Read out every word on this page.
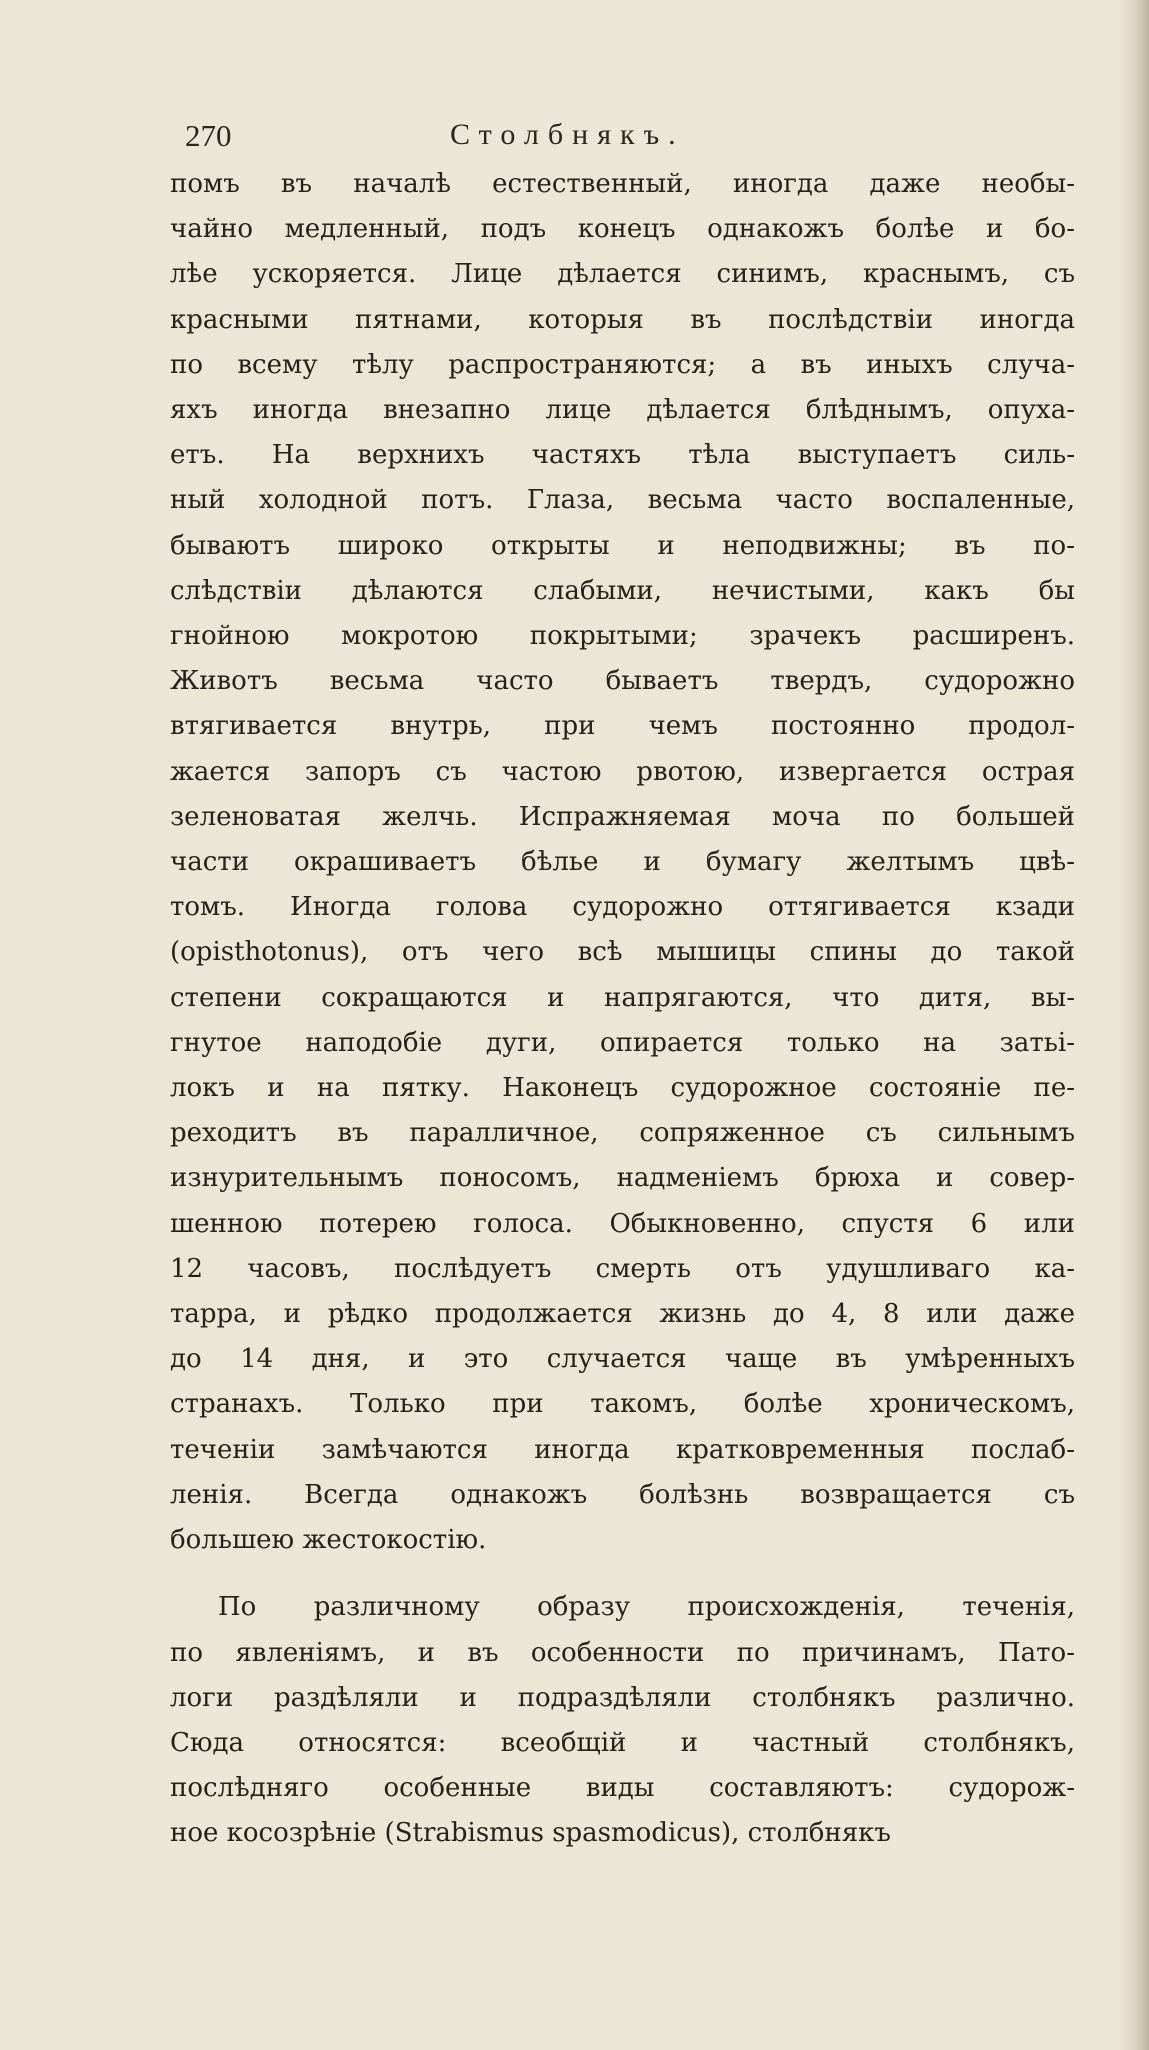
270	Столбнякъ.
помъ въ началѣ естественный, иногда даже необы-
чайно медленный, подъ конецъ однакожъ болѣе и бо-
лѣе ускоряется. Лице дѣлается синимъ, краснымъ, съ
красными пятнами, которыя въ послѣдствіи иногда
по всему тѣлу распространяются; а въ иныхъ случа-
яхъ иногда внезапно лице дѣлается блѣднымъ, опуха-
етъ. На верхнихъ частяхъ тѣла выступаетъ силь-
ный холодной потъ. Глаза, весьма часто воспаленные,
бываютъ широко открыты и неподвижны; въ по-
слѣдствіи дѣлаются слабыми, нечистыми, какъ бы
гнойною мокротою покрытыми; зрачекъ расширенъ.
Животъ весьма часто бываетъ твердъ, судорожно
втягивается внутрь, при чемъ постоянно продол-
жается запоръ съ частою рвотою, извергается острая
зеленоватая желчь. Испражняемая моча по большей
части окрашиваетъ бѣлье и бумагу желтымъ цвѣ-
томъ. Иногда голова судорожно оттягивается кзади
(opisthotonus), отъ чего всѣ мышицы спины до такой
степени сокращаются и напрягаются, что дитя, вы-
гнутое наподобіе дуги, опирается только на затьі-
локъ и на пятку. Наконецъ судорожное состояніе пе-
реходитъ въ паралличное, сопряженное съ сильнымъ
изнурительнымъ поносомъ, надменіемъ брюха и совер-
шенною потерею голоса. Обыкновенно, спустя 6 или
12 часовъ, послѣдуетъ смерть отъ удушливаго ка-
тарра, и рѣдко продолжается жизнь до 4, 8 или даже
до 14 дня, и это случается чаще въ умѣренныхъ
странахъ. Только при такомъ, болѣе хроническомъ,
теченіи замѣчаются иногда кратковременныя послаб-
ленія. Всегда однакожъ болѣзнь возвращается съ
большею жестокостію.
По различному образу происхожденія, теченія,
по явленіямъ, и въ особенности по причинамъ, Пато-
логи раздѣляли и подраздѣляли столбнякъ различно.
Сюда относятся: всеобщій и частный столбнякъ,
послѣдняго особенные виды составляютъ: судорож-
ное косозрѣніе (Strabismus spasmodicus), столбнякъ
